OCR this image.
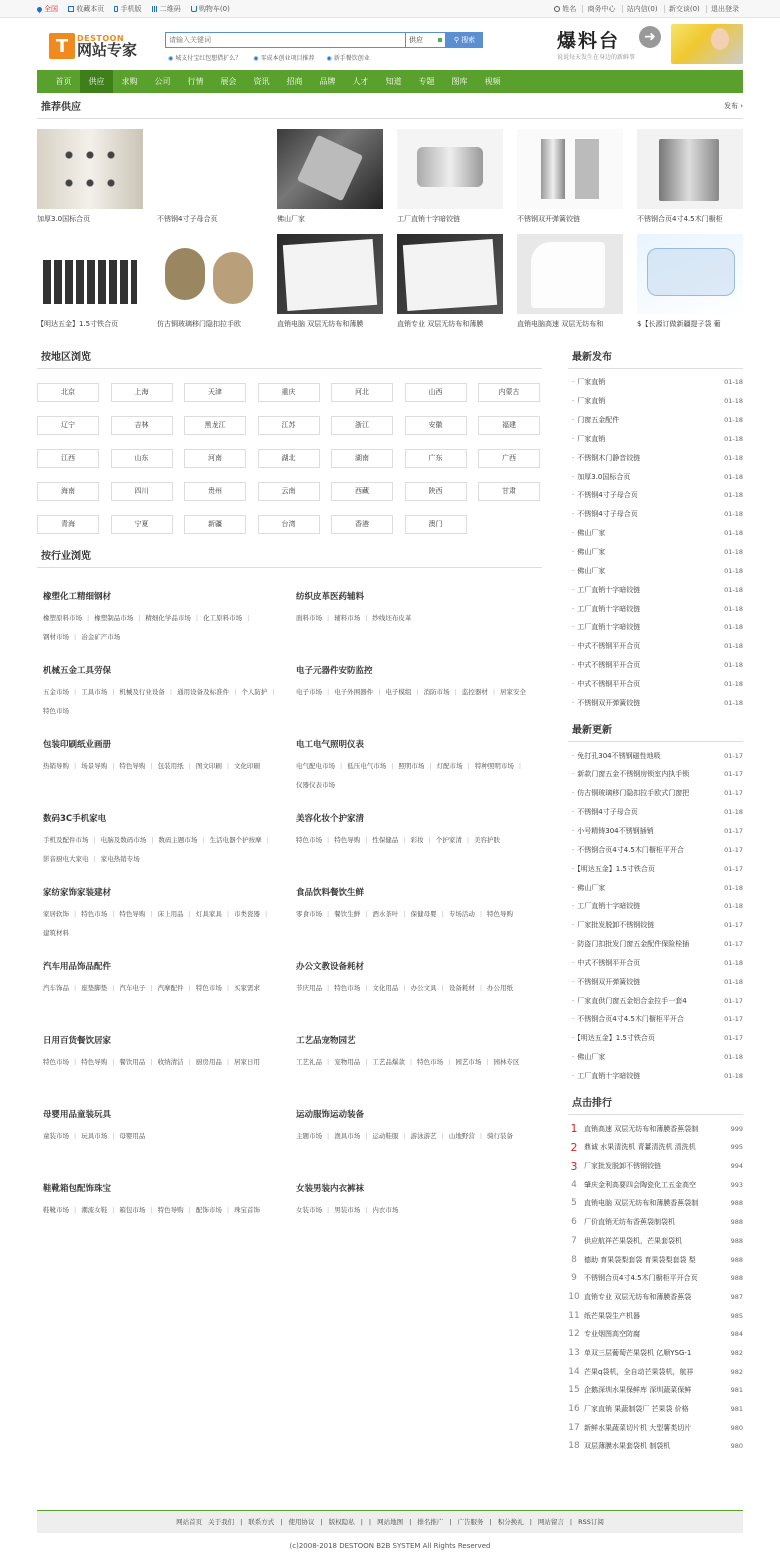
全国	收藏本页 手机版	二维码	购物车(0)	姓名 商务中心 站内信(0) 新交谈(0) 退出登录
T	DESTOON
网站专家
请输入关键词
供应	⚲ 搜索
◉ 城支付宝红包想借扩么？	◉ 零成本创业项目推荐	◉ 新手餐饮创业
爆料台	➜
说说每天发生在身边的新鲜事
首页	供应	求购	公司	行情	展会	资讯	招商	品牌	人才	知道	专题	图库	视频
推荐供应	发布 ›
加厚3.0国标合页	不锈钢4寸子母合页	佛山厂家	工厂直销十字暗铰链	不锈钢双开弹簧铰链	不锈钢合页4寸4.5木门橱柜
【明达五金】1.5寸铁合页	仿古铜玻璃移门隐扣拉手欧	直销电脑 双层无纺布和薄膜	直销专业 双层无纺布和薄膜	直销电脑高速 双层无纺布和	$【长源订做新疆提子袋 葡
按地区浏览
北京	上海	天津	重庆	河北	山西	内蒙古
辽宁	吉林	黑龙江	江苏	浙江	安徽	福建
江西	山东	河南	湖北	湖南	广东	广西
海南	四川	贵州	云南	西藏	陕西	甘肃
青海	宁夏	新疆	台湾	香港	澳门
按行业浏览
橡塑化工精细钢材
橡塑原料市场 | 橡塑制品市场 | 精细化学品市场 | 化工原料市场 |钢材市场 | 冶金矿产市场
纺织皮革医药辅料
面料市场 | 辅料市场 | 纱线坯布皮革
机械五金工具劳保
五金市场 | 工具市场 | 机械及行业设备 | 通用设备及标准件 | 个人防护 |特色市场
电子元器件安防监控
电子市场 | 电子外围器件 | 电子模组 | 消防市场 | 监控器材 | 居家安全
包装印刷纸业画册
热销导购 | 场景导购 | 特色导购 | 包装用纸 | 图文印刷 | 文化印刷
电工电气照明仪表
电气配电市场 | 低压电气市场 | 照明市场 | 灯配市场 | 特种照明市场 |仪器仪表市场
数码3C手机家电
手机及配件市场 | 电脑及数码市场 | 数码主题市场 | 生活电器个护按摩 |影音厨电大家电 | 家电热销专场
美容化妆个护家清
特色市场 | 特色导购 | 性保健品 | 彩妆 | 个护家清 | 美容护肤
家纺家饰家装建材
家居软饰 | 特色市场 | 特色导购 | 床上用品 | 灯具家具 | 市类瓷器 |建筑材料
食品饮料餐饮生鲜
零食市场 | 餐饮生鲜 | 酒水茶叶 | 保健母婴 | 专场活动 | 特色导购
汽车用品饰品配件
汽车饰品 | 座垫脚垫 | 汽车电子 | 汽摩配件 | 特色市场 | 买家需求
办公文教设备耗材
节庆用品 | 特色市场 | 文化用品 | 办公文具 | 设备耗材 | 办公用纸
日用百货餐饮居家
特色市场 | 特色导购 | 餐饮用品 | 收纳清洁 | 厨房用品 | 居家日用
工艺品宠物园艺
工艺礼品 | 宠物用品 | 工艺品爆款 | 特色市场 | 园艺市场 | 园林专区
母婴用品童装玩具
童装市场 | 玩具市场 | 母婴用品
运动服饰运动装备
主题市场 | 渔具市场 | 运动鞋服 | 游泳游艺 | 山地野营 | 骑行装备
鞋靴箱包配饰珠宝
鞋靴市场 | 潮流女鞋 | 箱包市场 | 特色导购 | 配饰市场 | 珠宝首饰
女装男装内衣裤袜
女装市场 | 男装市场 | 内衣市场
最新发布
· 厂家直销	01-18
· 厂家直销	01-18
· 门窗五金配件	01-18
· 厂家直销	01-18
· 不锈钢木门静音铰链	01-18
· 加厚3.0国标合页	01-18
· 不锈钢4寸子母合页	01-18
· 不锈钢4寸子母合页	01-18
· 佛山厂家	01-18
· 佛山厂家	01-18
· 佛山厂家	01-18
· 工厂直销十字暗铰链	01-18
· 工厂直销十字暗铰链	01-18
· 工厂直销十字暗铰链	01-18
· 中式不锈钢平开合页	01-18
· 中式不锈钢平开合页	01-18
· 中式不锈钢平开合页	01-18
· 不锈钢双开弹簧铰链	01-18
最新更新
· 免打孔304不锈钢磁性地吸	01-17
· 新款门窗五金不锈钢房锁室内执手锁	01-17
· 仿古铜玻璃移门隐扣拉手欧式门窗把	01-17
· 不锈钢4寸子母合页	01-18
· 小号精铸304不锈钢插销	01-17
· 不锈钢合页4寸4.5木门橱柜平开合	01-17
· 【明达五金】1.5寸铁合页	01-17
· 佛山厂家	01-18
· 工厂直销十字暗铰链	01-18
· 厂家批发脱卸不锈钢铰链	01-17
· 防盗门扣批发门窗五金配件保险栓插	01-17
· 中式不锈钢平开合页	01-18
· 不锈钢双开弹簧铰链	01-18
· 厂家直供门窗五金铝合金拉手一套4	01-17
· 不锈钢合页4寸4.5木门橱柜平开合	01-17
· 【明达五金】1.5寸铁合页	01-17
· 佛山厂家	01-18
· 工厂直销十字暗铰链	01-18
点击排行
1 直销高速 双层无纺布和薄膜香蕉袋制	999
2 鼎诚 水果清洗机 青薹清洗机 清洗机	995
3 厂家批发脱卸不锈钢铰链	994
4	肇庆金利高要四会陶瓷化工五金高空	993
5	直销电脑 双层无纺布和薄膜香蕉袋制	988
6	厂价直销无纺布香蕉袋制袋机	988
7	供应航祥芒果袋机，芒果套袋机	988
8	德助 育果袋梨套袋 育果袋梨套袋 梨	988
9	不锈钢合页4寸4.5木门橱柜平开合页	988
10 直销专业 双层无纺布和薄膜香蕉袋	987
11 纸芒果袋生产机器	985
12 专业烟图高空防腐	984
13 单双三层葡萄芒果袋机 亿顺YSG-1	982
14 芒果q袋机，全自动芒果袋机，航祥	982
15 企鹅深圳水果保鲜库 深圳蔬菜保鲜	981
16 厂家直销 果蔬制袋厂 芒果袋 价格	981
17 新鲜水果蔬菜切片机 大型薯类切片	980
18 双层薄膜水果套袋机 制袋机	980
网站首页 关于我们 | 联系方式 | 使用协议 | 版权隐私 | | 网站地图 | 排名推广 | 广告服务 | 积分换礼 | 网站留言 | RSS订阅
(c)2008-2018 DESTOON B2B SYSTEM All Rights Reserved
